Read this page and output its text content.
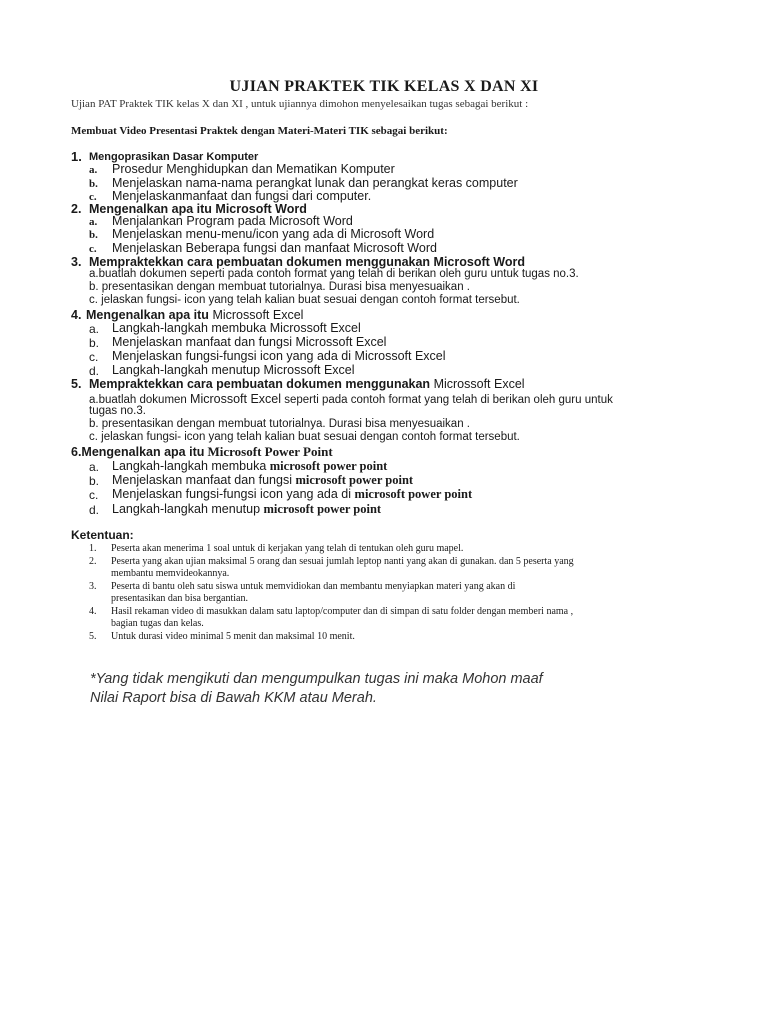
UJIAN PRAKTEK TIK KELAS X DAN XI
Ujian PAT Praktek TIK kelas X dan XI , untuk ujiannya dimohon menyelesaikan tugas sebagai berikut :
Membuat Video Presentasi Praktek dengan Materi-Materi TIK sebagai berikut:
1. Mengoprasikan Dasar Komputer
a. Prosedur Menghidupkan dan Mematikan Komputer
b. Menjelaskan nama-nama perangkat lunak dan perangkat keras computer
c. Menjelaskanmanfaat dan fungsi dari computer.
2. Mengenalkan apa itu Microsoft Word
a. Menjalankan Program pada Microsoft Word
b. Menjelaskan menu-menu/icon yang ada di Microsoft Word
c. Menjelaskan Beberapa fungsi dan manfaat Microsoft Word
3. Mempraktekkan cara pembuatan dokumen menggunakan Microsoft Word
a.buatlah dokumen seperti pada contoh format yang telah di berikan oleh guru untuk tugas no.3.
b. presentasikan dengan membuat tutorialnya. Durasi bisa menyesuaikan .
c. jelaskan fungsi- icon yang telah kalian buat sesuai dengan contoh format tersebut.
4. Mengenalkan apa itu Microssoft Excel
a. Langkah-langkah membuka Microssoft Excel
b. Menjelaskan manfaat dan fungsi Microssoft Excel
c. Menjelaskan fungsi-fungsi icon yang ada di Microssoft Excel
d. Langkah-langkah menutup Microssoft Excel
5. Mempraktekkan cara pembuatan dokumen menggunakan Microssoft Excel
a.buatlah dokumen Microssoft Excel seperti pada contoh format yang telah di berikan oleh guru untuk
tugas no.3.
b. presentasikan dengan membuat tutorialnya. Durasi bisa menyesuaikan .
c. jelaskan fungsi- icon yang telah kalian buat sesuai dengan contoh format tersebut.
6.Mengenalkan apa itu Microsoft Power Point
a. Langkah-langkah membuka microsoft power point
b. Menjelaskan manfaat dan fungsi microsoft power point
c. Menjelaskan fungsi-fungsi icon yang ada di microsoft power point
d. Langkah-langkah menutup microsoft power point
Ketentuan:
1. Peserta akan menerima 1 soal untuk di kerjakan yang telah di tentukan oleh guru mapel.
2. Peserta yang akan ujian maksimal 5 orang dan sesuai jumlah leptop nanti yang akan di gunakan. dan 5 peserta yang
membantu memvideokannya.
3. Peserta di bantu oleh satu siswa untuk memvidiokan dan membantu menyiapkan materi yang akan di
presentasikan dan bisa bergantian.
4. Hasil rekaman video di masukkan dalam satu laptop/computer dan di simpan di satu folder dengan memberi nama ,
bagian tugas dan kelas.
5. Untuk durasi video minimal 5 menit dan maksimal 10 menit.
*Yang tidak mengikuti dan mengumpulkan tugas ini maka Mohon maaf
Nilai Raport bisa di Bawah KKM atau Merah.
